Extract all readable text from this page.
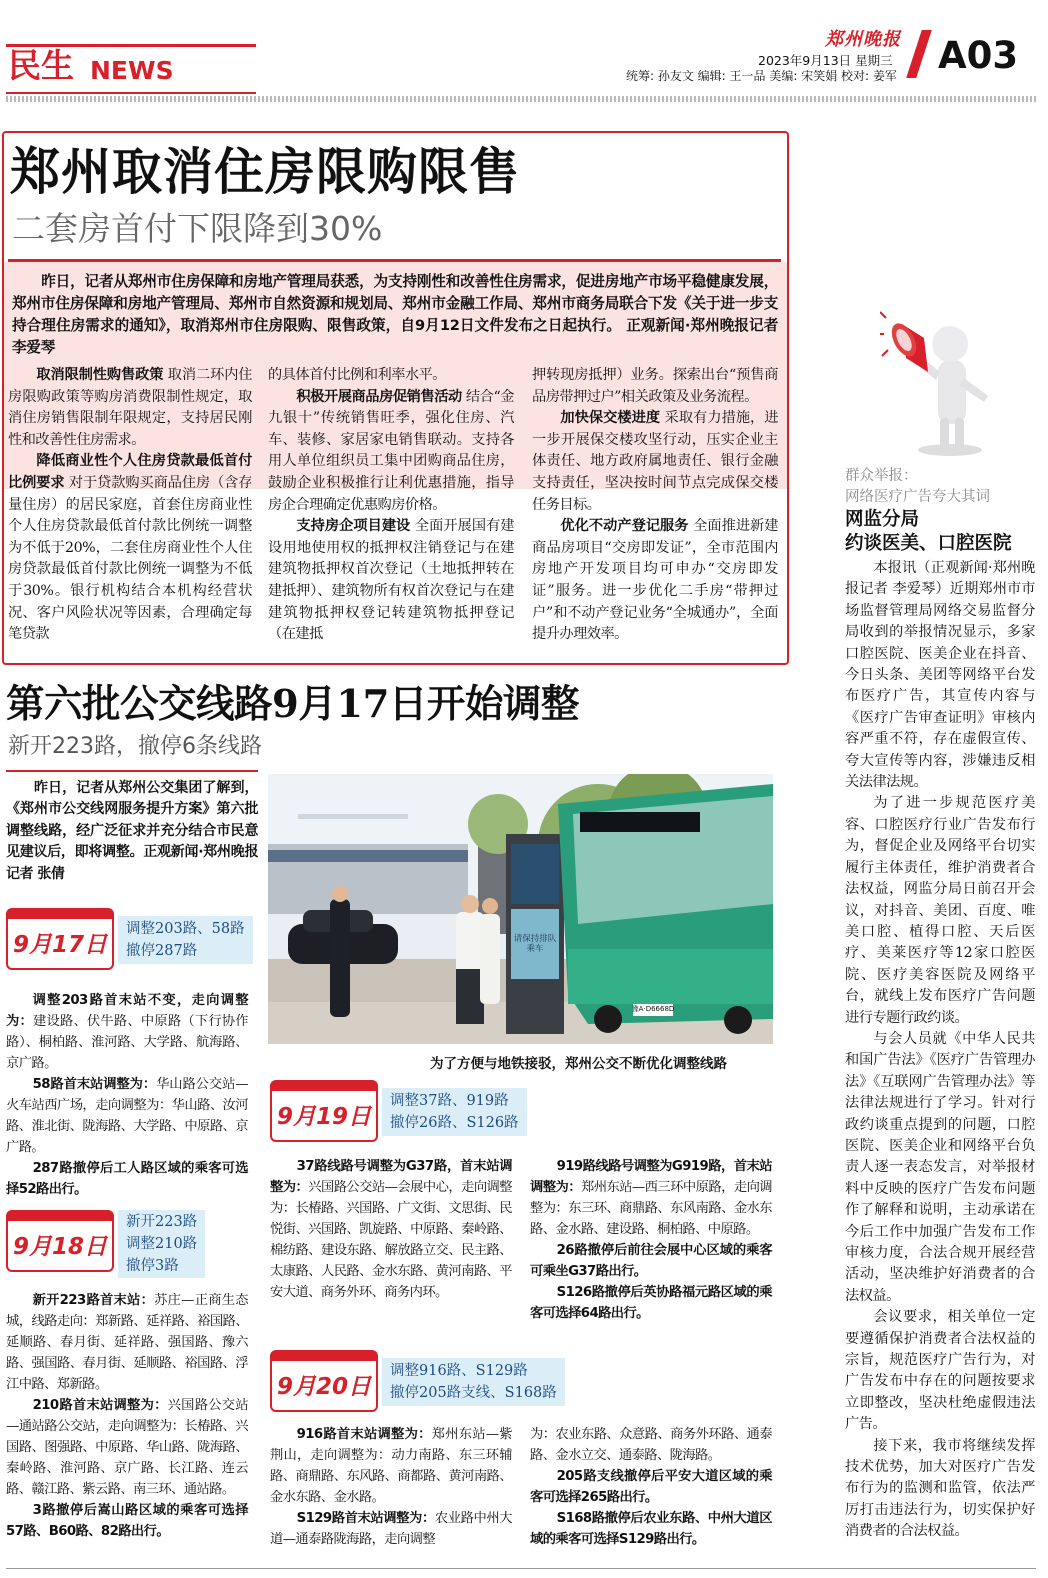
民生 NEWS
郑州晚报
2023年9月13日 星期三
统筹: 孙友文 编辑: 王一品 美编: 宋笑娟 校对: 姜军 A03
郑州取消住房限购限售
二套房首付下限降到30%

昨日，记者从郑州市住房保障和房地产管理局获悉，为支持刚性和改善性住房需求，促进房地产市场平稳健康发展，郑州市住房保障和房地产管理局、郑州市自然资源和规划局、郑州市金融工作局、郑州市商务局联合下发《关于进一步支持合理住房需求的通知》，取消郑州市住房限购、限售政策，自9月12日文件发布之日起执行。 正观新闻·郑州晚报记者 李爱琴

取消限制性购售政策 取消二环内住房限购政策等购房消费限制性规定，取消住房销售限制年限规定，支持居民刚性和改善性住房需求。

降低商业性个人住房贷款最低首付比例要求 对于贷款购买商品住房（含存量住房）的居民家庭，首套住房商业性个人住房贷款最低首付款比例统一调整为不低于20%，二套住房商业性个人住房贷款最低首付款比例统一调整为不低于30%。银行机构结合本机构经营状况、客户风险状况等因素，合理确定每笔贷款

的具体首付比例和利率水平。

积极开展商品房促销售活动 结合“金九银十”传统销售旺季，强化住房、汽车、装修、家居家电销售联动。支持各用人单位组织员工集中团购商品住房，鼓励企业积极推行让利优惠措施，指导房企合理确定优惠购房价格。

支持房企项目建设 全面开展国有建设用地使用权的抵押权注销登记与在建建筑物抵押权首次登记（土地抵押转在建抵押）、建筑物所有权首次登记与在建建筑物抵押权登记转建筑物抵押登记（在建抵

押转现房抵押）业务。探索出台“预售商品房带押过户”相关政策及业务流程。

加快保交楼进度 采取有力措施，进一步开展保交楼攻坚行动，压实企业主体责任、地方政府属地责任、银行金融支持责任，坚决按时间节点完成保交楼任务目标。

优化不动产登记服务 全面推进新建商品房项目“交房即发证”，全市范围内房地产开发项目均可申办“交房即发证”服务。进一步优化二手房“带押过户”和不动产登记业务“全城通办”，全面提升办理效率。

群众举报：
网络医疗广告夸大其词
网监分局
约谈医美、口腔医院

本报讯（正观新闻·郑州晚报记者 李爱琴）近期郑州市市场监督管理局网络交易监督分局收到的举报情况显示，多家口腔医院、医美企业在抖音、今日头条、美团等网络平台发布医疗广告，其宣传内容与《医疗广告审查证明》审核内容严重不符，存在虚假宣传、夸大宣传等内容，涉嫌违反相关法律法规。

为了进一步规范医疗美容、口腔医疗行业广告发布行为，督促企业及网络平台切实履行主体责任，维护消费者合法权益，网监分局日前召开会议，对抖音、美团、百度、唯美口腔、植得口腔、天后医疗、美莱医疗等12家口腔医院、医疗美容医院及网络平台，就线上发布医疗广告问题进行专题行政约谈。

与会人员就《中华人民共和国广告法》《医疗广告管理办法》《互联网广告管理办法》等法律法规进行了学习。针对行政约谈重点提到的问题，口腔医院、医美企业和网络平台负责人逐一表态发言，对举报材料中反映的医疗广告发布问题作了解释和说明，主动承诺在今后工作中加强广告发布工作审核力度，合法合规开展经营活动，坚决维护好消费者的合法权益。

会议要求，相关单位一定要遵循保护消费者合法权益的宗旨，规范医疗广告行为，对广告发布中存在的问题按要求立即整改，坚决杜绝虚假违法广告。

接下来，我市将继续发挥技术优势，加大对医疗广告发布行为的监测和监管，依法严厉打击违法行为，切实保护好消费者的合法权益。

第六批公交线路9月17日开始调整
新开223路，撤停6条线路

昨日，记者从郑州公交集团了解到，《郑州市公交线网服务提升方案》第六批调整线路，经广泛征求并充分结合市民意见建议后，即将调整。正观新闻·郑州晚报记者 张倩

请保持排队乘车
豫A·D6668D
为了方便与地铁接驳，郑州公交不断优化调整线路
9月17日
调整203路、58路
撤停287路

调整203路首末站不变，走向调整为：建设路、伏牛路、中原路（下行协作路）、桐柏路、淮河路、大学路、航海路、京广路。

58路首末站调整为：华山路公交站—火车站西广场，走向调整为：华山路、汝河路、淮北街、陇海路、大学路、中原路、京广路。

287路撤停后工人路区域的乘客可选择52路出行。

9月18日
新开223路
调整210路
撤停3路

新开223路首末站：苏庄—正商生态城，线路走向：郑新路、延祥路、裕国路、延顺路、春月街、延祥路、强国路、豫六路、强国路、春月街、延顺路、裕国路、浮江中路、郑新路。

210路首末站调整为：兴国路公交站—通站路公交站，走向调整为：长椿路、兴国路、图强路、中原路、华山路、陇海路、秦岭路、淮河路、京广路、长江路、连云路、赣江路、紫云路、南三环、通站路。

3路撤停后嵩山路区域的乘客可选择57路、B60路、82路出行。

9月19日
调整37路、919路
撤停26路、S126路

37路线路号调整为G37路，首末站调整为：兴国路公交站—会展中心，走向调整为：长椿路、兴国路、广文街、文思街、民悦街、兴国路、凯旋路、中原路、秦岭路、棉纺路、建设东路、解放路立交、民主路、太康路、人民路、金水东路、黄河南路、平安大道、商务外环、商务内环。

919路线路号调整为G919路，首末站调整为：郑州东站—西三环中原路，走向调整为：东三环、商鼎路、东风南路、金水东路、金水路、建设路、桐柏路、中原路。

26路撤停后前往会展中心区域的乘客可乘坐G37路出行。

S126路撤停后英协路福元路区域的乘客可选择64路出行。

9月20日
调整916路、S129路
撤停205路支线、S168路

916路首末站调整为：郑州东站—紫荆山，走向调整为：动力南路、东三环辅路、商鼎路、东风路、商都路、黄河南路、金水东路、金水路。

S129路首末站调整为：农业路中州大道—通泰路陇海路，走向调整

为：农业东路、众意路、商务外环路、通泰路、金水立交、通泰路、陇海路。

205路支线撤停后平安大道区域的乘客可选择265路出行。

S168路撤停后农业东路、中州大道区域的乘客可选择S129路出行。
